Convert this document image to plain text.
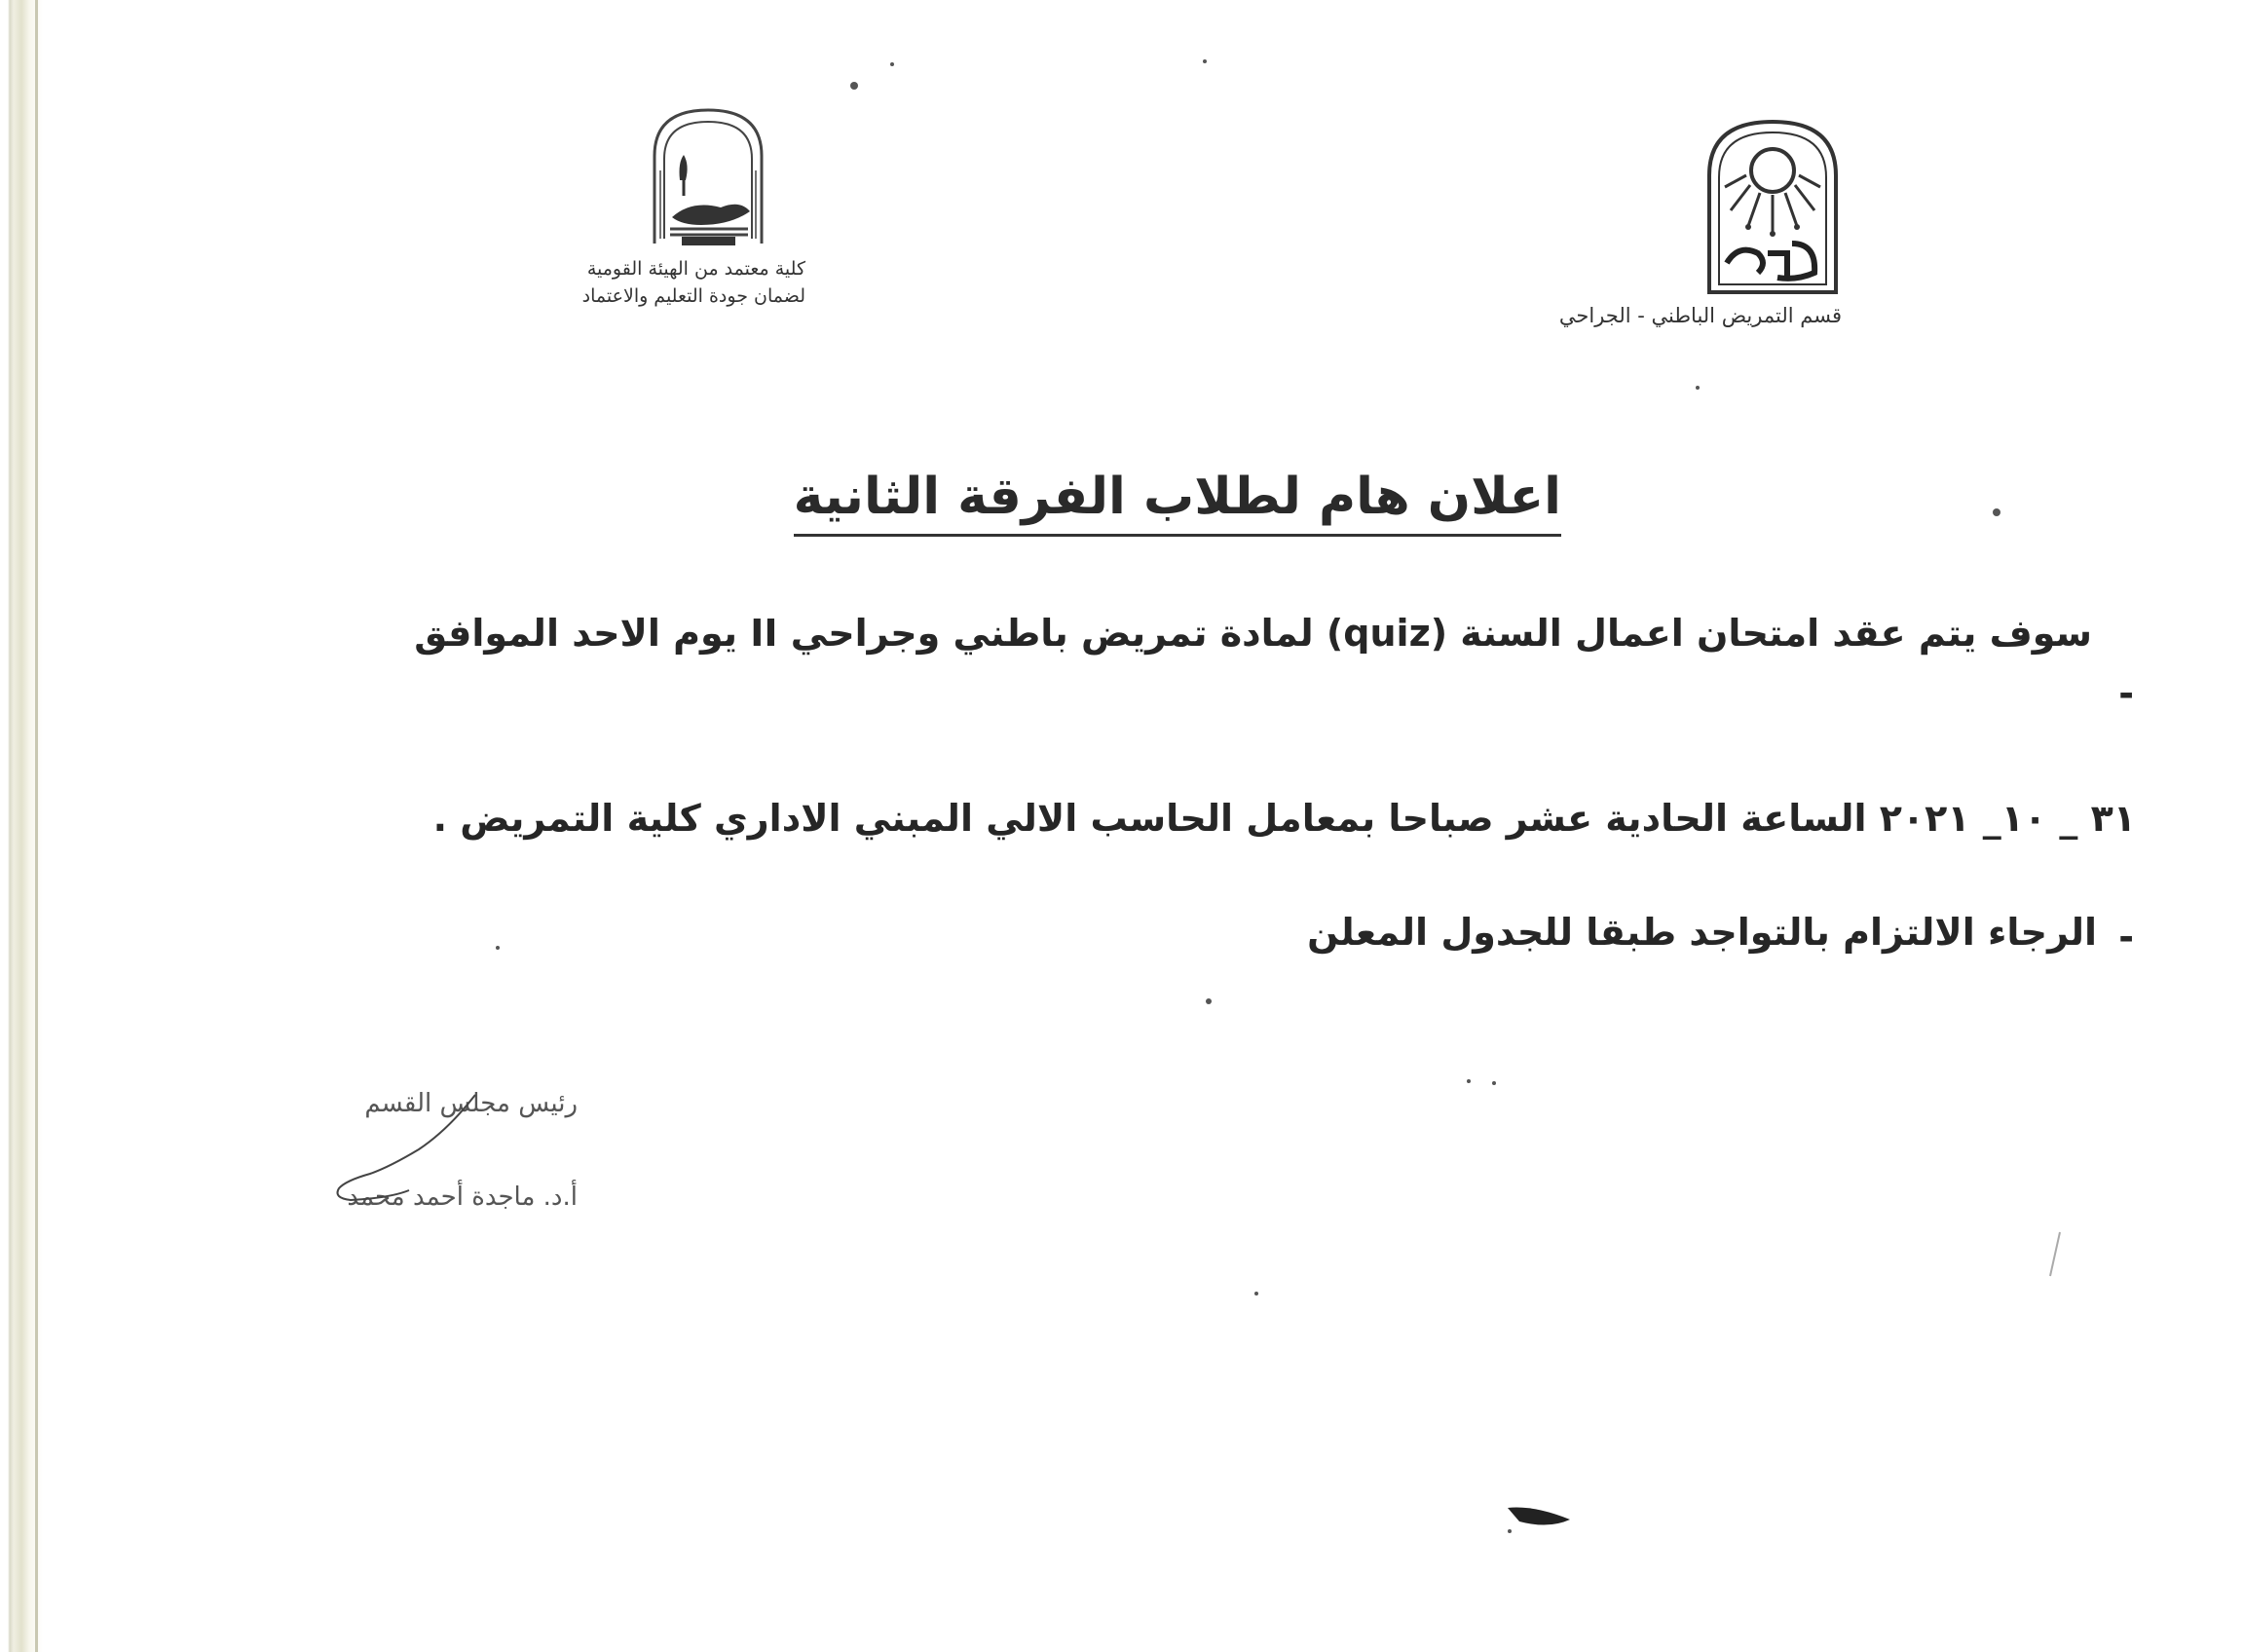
قسم التمريض الباطني - الجراحي
كلية معتمد من الهيئة القومية
لضمان جودة التعليم والاعتماد
اعلان هام لطلاب الفرقة الثانية
سوف يتم عقد امتحان اعمال السنة (quiz) لمادة تمريض باطني وجراحي II يوم الاحد الموافق
-
٣١ _ ١٠_ ٢٠٢١ الساعة الحادية عشر صباحا بمعامل الحاسب الالي المبني الاداري كلية التمريض .
الرجاء الالتزام بالتواجد طبقا للجدول المعلن -
رئيس مجلس القسم
أ.د. ماجدة أحمد محمد
